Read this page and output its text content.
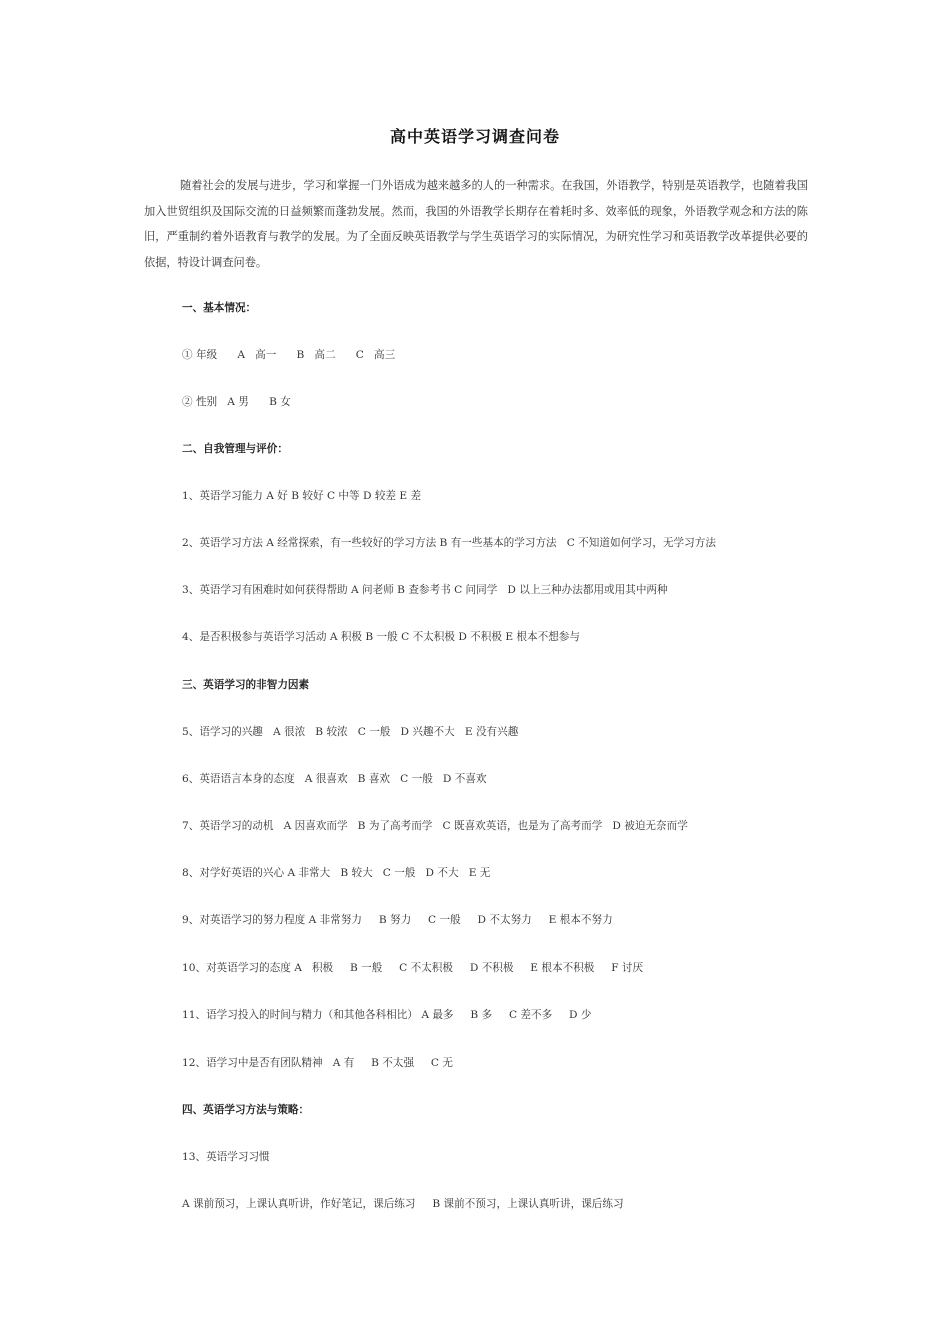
高中英语学习调查问卷
随着社会的发展与进步，学习和掌握一门外语成为越来越多的人的一种需求。在我国，外语教学，特别是英语教学，也随着我国加入世贸组织及国际交流的日益频繁而蓬勃发展。然而，我国的外语教学长期存在着耗时多、效率低的现象，外语教学观念和方法的陈旧，严重制约着外语教育与教学的发展。为了全面反映英语教学与学生英语学习的实际情况，为研究性学习和英语教学改革提供必要的依据，特设计调查问卷。
一、基本情况：
① 年级      A   高一      B   高二      C   高三
② 性别   A 男      B 女
二、自我管理与评价：
1、英语学习能力 A 好 B 较好 C 中等 D 较差 E 差
2、英语学习方法 A 经常探索，有一些较好的学习方法 B 有一些基本的学习方法   C 不知道如何学习，无学习方法
3、英语学习有困难时如何获得帮助 A 问老师 B 查参考书 C 问同学   D 以上三种办法都用或用其中两种
4、是否积极参与英语学习活动 A 积极 B 一般 C 不太积极 D 不积极 E 根本不想参与
三、英语学习的非智力因素
5、语学习的兴趣   A 很浓   B 较浓   C 一般   D 兴趣不大   E 没有兴趣
6、英语语言本身的态度   A 很喜欢   B 喜欢   C 一般   D 不喜欢
7、英语学习的动机   A 因喜欢而学   B 为了高考而学   C 既喜欢英语，也是为了高考而学   D 被迫无奈而学
8、对学好英语的兴心 A 非常大   B 较大   C 一般   D 不大   E 无
9、对英语学习的努力程度 A 非常努力     B 努力     C 一般     D 不太努力     E 根本不努力
10、对英语学习的态度 A   积极     B 一般     C 不太积极     D 不积极     E 根本不积极     F 讨厌
11、语学习投入的时间与精力（和其他各科相比） A 最多     B 多     C 差不多     D 少
12、语学习中是否有团队精神   A 有     B 不太强     C 无
四、英语学习方法与策略：
13、英语学习习惯
A 课前预习，上课认真听讲，作好笔记，课后练习     B 课前不预习，上课认真听讲，课后练习
